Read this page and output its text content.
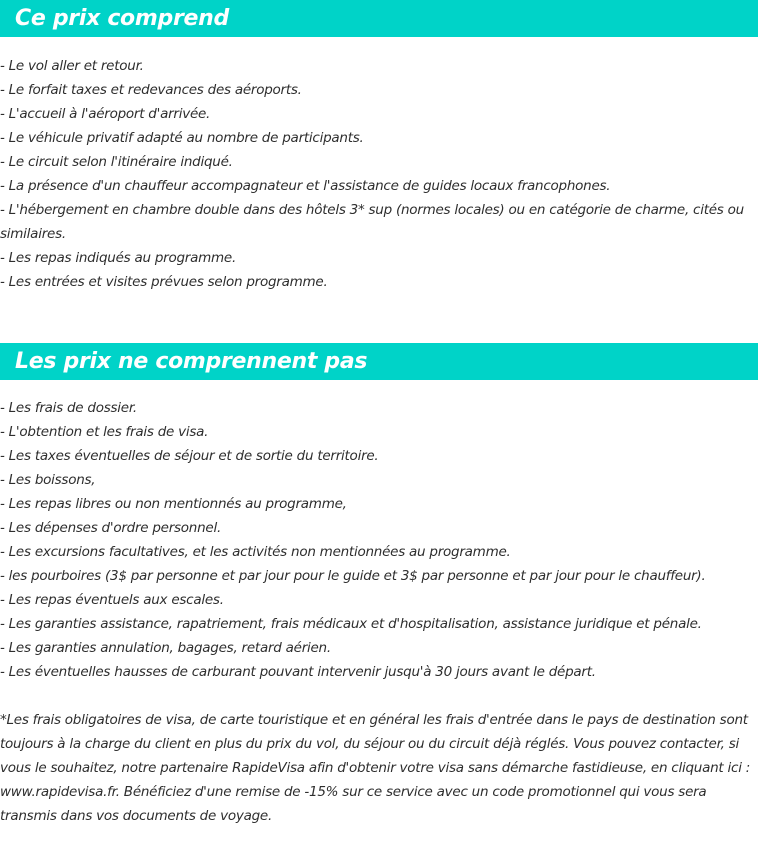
Ce prix comprend
- Le vol aller et retour.
- Le forfait taxes et redevances des aéroports.
- L'accueil à l'aéroport d'arrivée.
- Le véhicule privatif adapté au nombre de participants.
- Le circuit selon l'itinéraire indiqué.
- La présence d'un chauffeur accompagnateur et l'assistance de guides locaux francophones.
- L'hébergement en chambre double dans des hôtels 3* sup (normes locales) ou en catégorie de charme, cités ou similaires.
- Les repas indiqués au programme.
- Les entrées et visites prévues selon programme.
Les prix ne comprennent pas
- Les frais de dossier.
- L'obtention et les frais de visa.
- Les taxes éventuelles de séjour et de sortie du territoire.
- Les boissons,
- Les repas libres ou non mentionnés au programme,
- Les dépenses d'ordre personnel.
- Les excursions facultatives, et les activités non mentionnées au programme.
- les pourboires (3$ par personne et par jour pour le guide et 3$ par personne et par jour pour le chauffeur).
- Les repas éventuels aux escales.
- Les garanties assistance, rapatriement, frais médicaux et d'hospitalisation, assistance juridique et pénale.
- Les garanties annulation, bagages, retard aérien.
- Les éventuelles hausses de carburant pouvant intervenir jusqu'à 30 jours avant le départ.

*Les frais obligatoires de visa, de carte touristique et en général les frais d'entrée dans le pays de destination sont toujours à la charge du client en plus du prix du vol, du séjour ou du circuit déjà réglés. Vous pouvez contacter, si vous le souhaitez, notre partenaire RapideVisa afin d'obtenir votre visa sans démarche fastidieuse, en cliquant ici : www.rapidevisa.fr. Bénéficiez d'une remise de -15% sur ce service avec un code promotionnel qui vous sera transmis dans vos documents de voyage.
